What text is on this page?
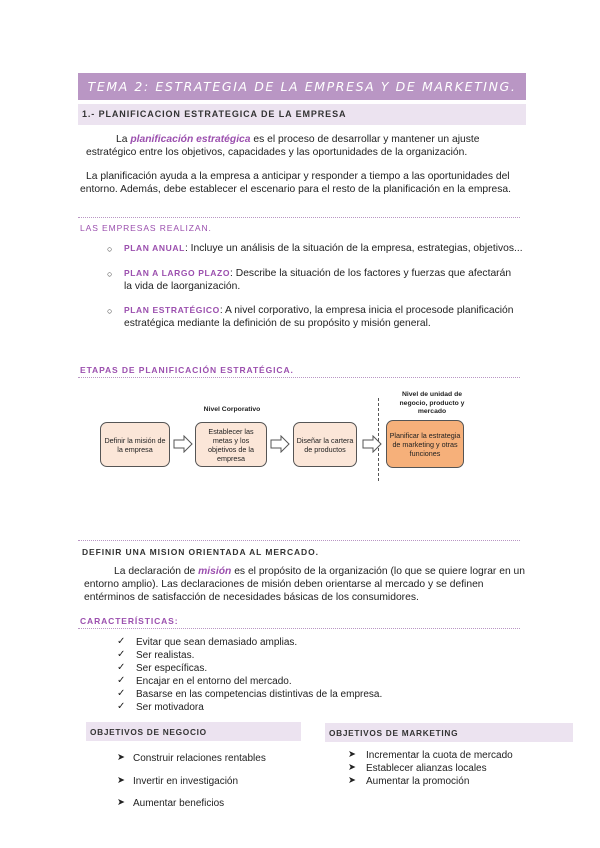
TEMA 2: ESTRATEGIA DE LA EMPRESA Y DE MARKETING.
1.- PLANIFICACION ESTRATEGICA DE LA EMPRESA
La planificación estratégica es el proceso de desarrollar y mantener un ajuste estratégico entre los objetivos, capacidades y las oportunidades de la organización.
La planificación ayuda a la empresa a anticipar y responder a tiempo a las oportunidades del entorno. Además, debe establecer el escenario para el resto de la planificación en la empresa.
LAS EMPRESAS REALIZAN.
○ PLAN ANUAL: Incluye un análisis de la situación de la empresa, estrategias, objetivos...
○ PLAN A LARGO PLAZO: Describe la situación de los factores y fuerzas que afectarán la vida de laorganización.
○ PLAN ESTRATÉGICO: A nivel corporativo, la empresa inicia el procesode planificación estratégica mediante la definición de su propósito y misión general.
ETAPAS DE PLANIFICACIÓN ESTRATÉGICA.
Nivel Corporativo
Nivel de unidad de negocio, producto y mercado
Definir la misión de la empresa
Establecer las metas y los objetivos de la empresa
Diseñar la cartera de productos
Planificar la estrategia de marketing y otras funciones
DEFINIR UNA MISION ORIENTADA AL MERCADO.
La declaración de misión es el propósito de la organización (lo que se quiere lograr en un entorno amplio). Las declaraciones de misión deben orientarse al mercado y se definen entérminos de satisfacción de necesidades básicas de los consumidores.
CARACTERÍSTICAS:
✓ Evitar que sean demasiado amplias.
✓ Ser realistas.
✓ Ser específicas.
✓ Encajar en el entorno del mercado.
✓ Basarse en las competencias distintivas de la empresa.
✓ Ser motivadora
OBJETIVOS DE NEGOCIO
➤ Construir relaciones rentables
➤ Invertir en investigación
➤ Aumentar beneficios
OBJETIVOS DE MARKETING
➤ Incrementar la cuota de mercado
➤ Establecer alianzas locales
➤ Aumentar la promoción
